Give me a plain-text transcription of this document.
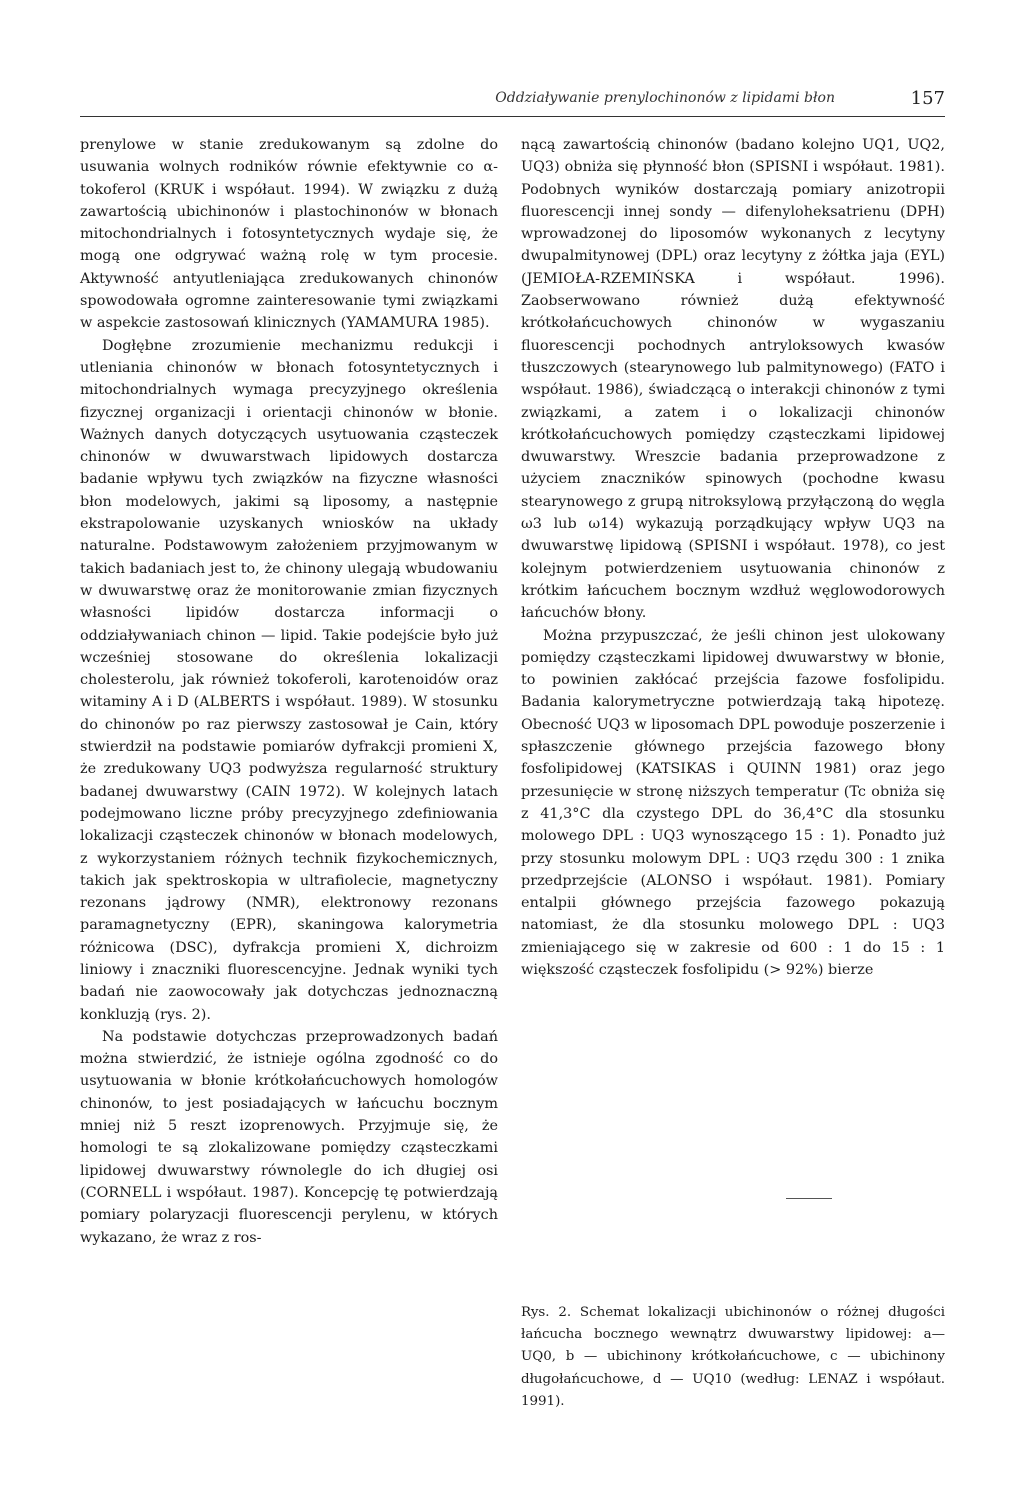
Oddziaływanie prenylochinonów z lipidami błon	157

prenylowe w stanie zredukowanym są zdolne do usuwania wolnych rodników równie efektywnie co α-tokoferol (KRUK i współaut. 1994). W związku z dużą zawartością ubichinonów i plastochinonów w błonach mitochondrialnych i fotosyntetycznych wydaje się, że mogą one odgrywać ważną rolę w tym procesie. Aktywność antyutleniająca zredukowanych chinonów spowodowała ogromne zainteresowanie tymi związkami w aspekcie zastosowań klinicznych (YAMAMURA 1985).

Dogłębne zrozumienie mechanizmu redukcji i utleniania chinonów w błonach fotosyntetycznych i mitochondrialnych wymaga precyzyjnego określenia fizycznej organizacji i orientacji chinonów w błonie. Ważnych danych dotyczących usytuowania cząsteczek chinonów w dwuwarstwach lipidowych dostarcza badanie wpływu tych związków na fizyczne własności błon modelowych, jakimi są liposomy, a następnie ekstrapolowanie uzyskanych wniosków na układy naturalne. Podstawowym założeniem przyjmowanym w takich badaniach jest to, że chinony ulegają wbudowaniu w dwuwarstwę oraz że monitorowanie zmian fizycznych własności lipidów dostarcza informacji o oddziaływaniach chinon — lipid. Takie podejście było już wcześniej stosowane do określenia lokalizacji cholesterolu, jak również tokoferoli, karotenoidów oraz witaminy A i D (ALBERTS i współaut. 1989). W stosunku do chinonów po raz pierwszy zastosował je Cain, który stwierdził na podstawie pomiarów dyfrakcji promieni X, że zredukowany UQ3 podwyższa regularność struktury badanej dwuwarstwy (CAIN 1972). W kolejnych latach podejmowano liczne próby precyzyjnego zdefiniowania lokalizacji cząsteczek chinonów w błonach modelowych, z wykorzystaniem różnych technik fizykochemicznych, takich jak spektroskopia w ultrafiolecie, magnetyczny rezonans jądrowy (NMR), elektronowy rezonans paramagnetyczny (EPR), skaningowa kalorymetria różnicowa (DSC), dyfrakcja promieni X, dichroizm liniowy i znaczniki fluorescencyjne. Jednak wyniki tych badań nie zaowocowały jak dotychczas jednoznaczną konkluzją (rys. 2).

Na podstawie dotychczas przeprowadzonych badań można stwierdzić, że istnieje ogólna zgodność co do usytuowania w błonie krótkołańcuchowych homologów chinonów, to jest posiadających w łańcuchu bocznym mniej niż 5 reszt izoprenowych. Przyjmuje się, że homologi te są zlokalizowane pomiędzy cząsteczkami lipidowej dwuwarstwy równolegle do ich długiej osi (CORNELL i współaut. 1987). Koncepcję tę potwierdzają pomiary polaryzacji fluorescencji perylenu, w których wykazano, że wraz z ros-

nącą zawartością chinonów (badano kolejno UQ1, UQ2, UQ3) obniża się płynność błon (SPISNI i współaut. 1981). Podobnych wyników dostarczają pomiary anizotropii fluorescencji innej sondy — difenyloheksatrienu (DPH) wprowadzonej do liposomów wykonanych z lecytyny dwupalmitynowej (DPL) oraz lecytyny z żółtka jaja (EYL) (JEMIOŁA-RZEMIŃSKA i współaut. 1996). Zaobserwowano również dużą efektywność krótkołańcuchowych chinonów w wygaszaniu fluorescencji pochodnych antryloksowych kwasów tłuszczowych (stearynowego lub palmitynowego) (FATO i współaut. 1986), świadczącą o interakcji chinonów z tymi związkami, a zatem i o lokalizacji chinonów krótkołańcuchowych pomiędzy cząsteczkami lipidowej dwuwarstwy. Wreszcie badania przeprowadzone z użyciem znaczników spinowych (pochodne kwasu stearynowego z grupą nitroksylową przyłączoną do węgla ω3 lub ω14) wykazują porządkujący wpływ UQ3 na dwuwarstwę lipidową (SPISNI i współaut. 1978), co jest kolejnym potwierdzeniem usytuowania chinonów z krótkim łańcuchem bocznym wzdłuż węglowodorowych łańcuchów błony.

Można przypuszczać, że jeśli chinon jest ulokowany pomiędzy cząsteczkami lipidowej dwuwarstwy w błonie, to powinien zakłócać przejścia fazowe fosfolipidu. Badania kalorymetryczne potwierdzają taką hipotezę. Obecność UQ3 w liposomach DPL powoduje poszerzenie i spłaszczenie głównego przejścia fazowego błony fosfolipidowej (KATSIKAS i QUINN 1981) oraz jego przesunięcie w stronę niższych temperatur (Tc obniża się z 41,3°C dla czystego DPL do 36,4°C dla stosunku molowego DPL : UQ3 wynoszącego 15 : 1). Ponadto już przy stosunku molowym DPL : UQ3 rzędu 300 : 1 znika przedprzejście (ALONSO i współaut. 1981). Pomiary entalpii głównego przejścia fazowego pokazują natomiast, że dla stosunku molowego DPL : UQ3 zmieniającego się w zakresie od 600 : 1 do 15 : 1 większość cząsteczek fosfolipidu (> 92%) bierze

Rys. 2. Schemat lokalizacji ubichinonów o różnej długości łańcucha bocznego wewnątrz dwuwarstwy lipidowej: a— UQ0, b — ubichinony krótkołańcuchowe, c — ubichinony długołańcuchowe, d — UQ10 (według: LENAZ i współaut. 1991).
